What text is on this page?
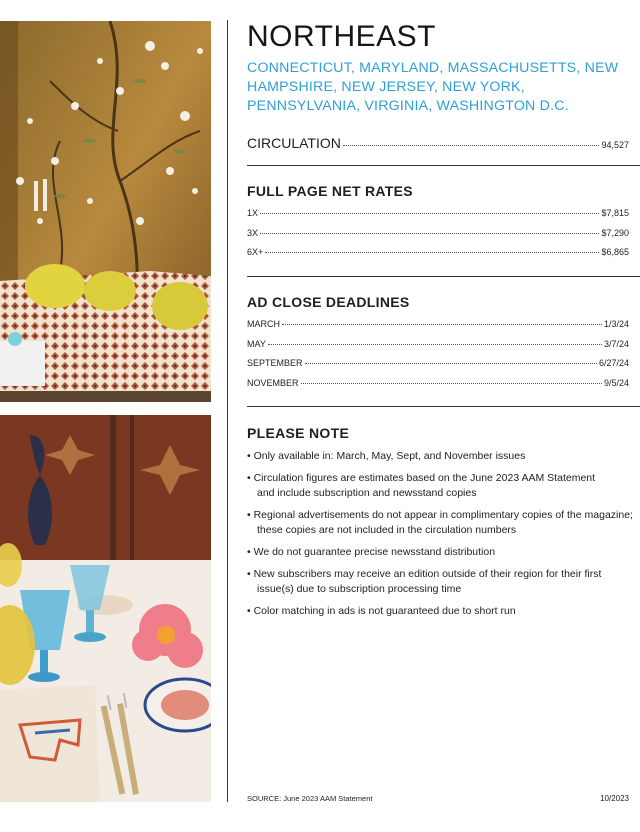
NORTHEAST
CONNECTICUT, MARYLAND, MASSACHUSETTS, NEW HAMPSHIRE, NEW JERSEY, NEW YORK, PENNSYLVANIA, VIRGINIA, WASHINGTON D.C.
CIRCULATION	94,527
FULL PAGE NET RATES
1X	$7,815
3X	$7,290
6X+	$6,865
AD CLOSE DEADLINES
MARCH	1/3/24
MAY	3/7/24
SEPTEMBER	6/27/24
NOVEMBER	9/5/24
PLEASE NOTE
• Only available in: March, May, Sept, and November issues
• Circulation figures are estimates based on the June 2023 AAM Statement and include subscription and newsstand copies
• Regional advertisements do not appear in complimentary copies of the magazine; these copies are not included in the circulation numbers
• We do not guarantee precise newsstand distribution
• New subscribers may receive an edition outside of their region for their first issue(s) due to subscription processing time
• Color matching in ads is not guaranteed due to short run
SOURCE: June 2023 AAM Statement	10/2023
